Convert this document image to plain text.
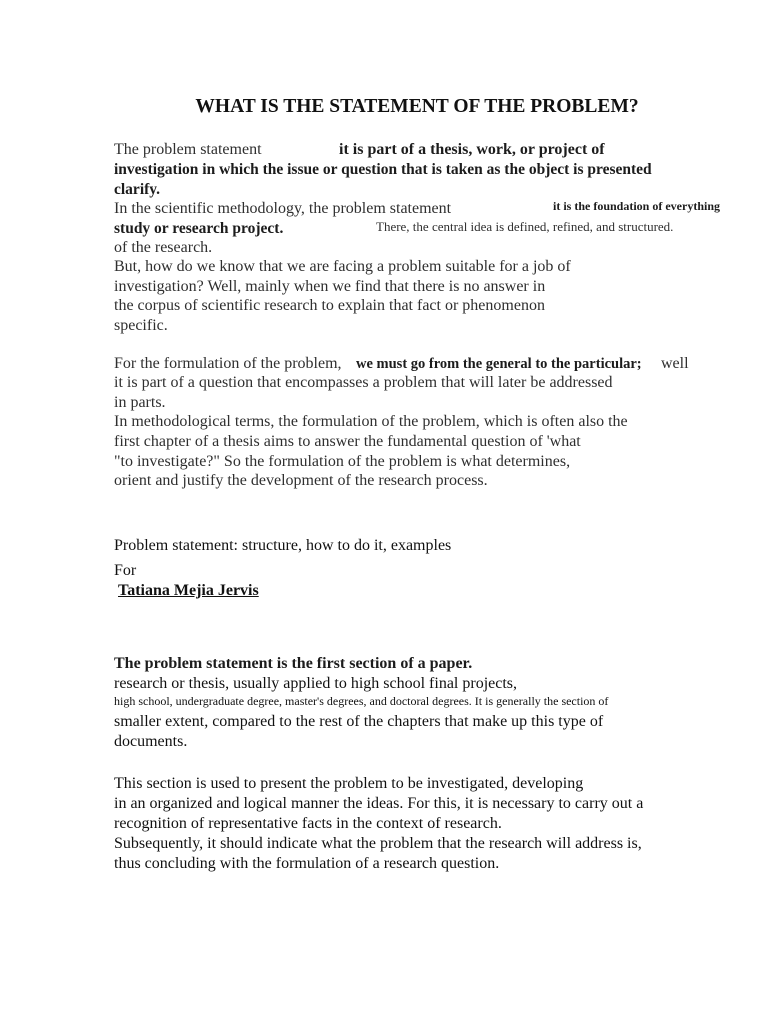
WHAT IS THE STATEMENT OF THE PROBLEM?
The problem statement	it is part of a thesis, work, or project of
investigation in which the issue or question that is taken as the object is presented
clarify.
In the scientific methodology, the problem statement	it is the foundation of everything
study or research project.	There, the central idea is defined, refined, and structured.
of the research.
But, how do we know that we are facing a problem suitable for a job of
investigation? Well, mainly when we find that there is no answer in
the corpus of scientific research to explain that fact or phenomenon
specific.
For the formulation of the problem, we must go from the general to the particular; well
it is part of a question that encompasses a problem that will later be addressed
in parts.
In methodological terms, the formulation of the problem, which is often also the
first chapter of a thesis aims to answer the fundamental question of 'what
"to investigate?" So the formulation of the problem is what determines,
orient and justify the development of the research process.
Problem statement: structure, how to do it, examples
For
Tatiana Mejia Jervis
The problem statement is the first section of a paper.
research or thesis, usually applied to high school final projects,
high school, undergraduate degree, master's degrees, and doctoral degrees. It is generally the section of
smaller extent, compared to the rest of the chapters that make up this type of
documents.
This section is used to present the problem to be investigated, developing
in an organized and logical manner the ideas. For this, it is necessary to carry out a
recognition of representative facts in the context of research.
Subsequently, it should indicate what the problem that the research will address is,
thus concluding with the formulation of a research question.
